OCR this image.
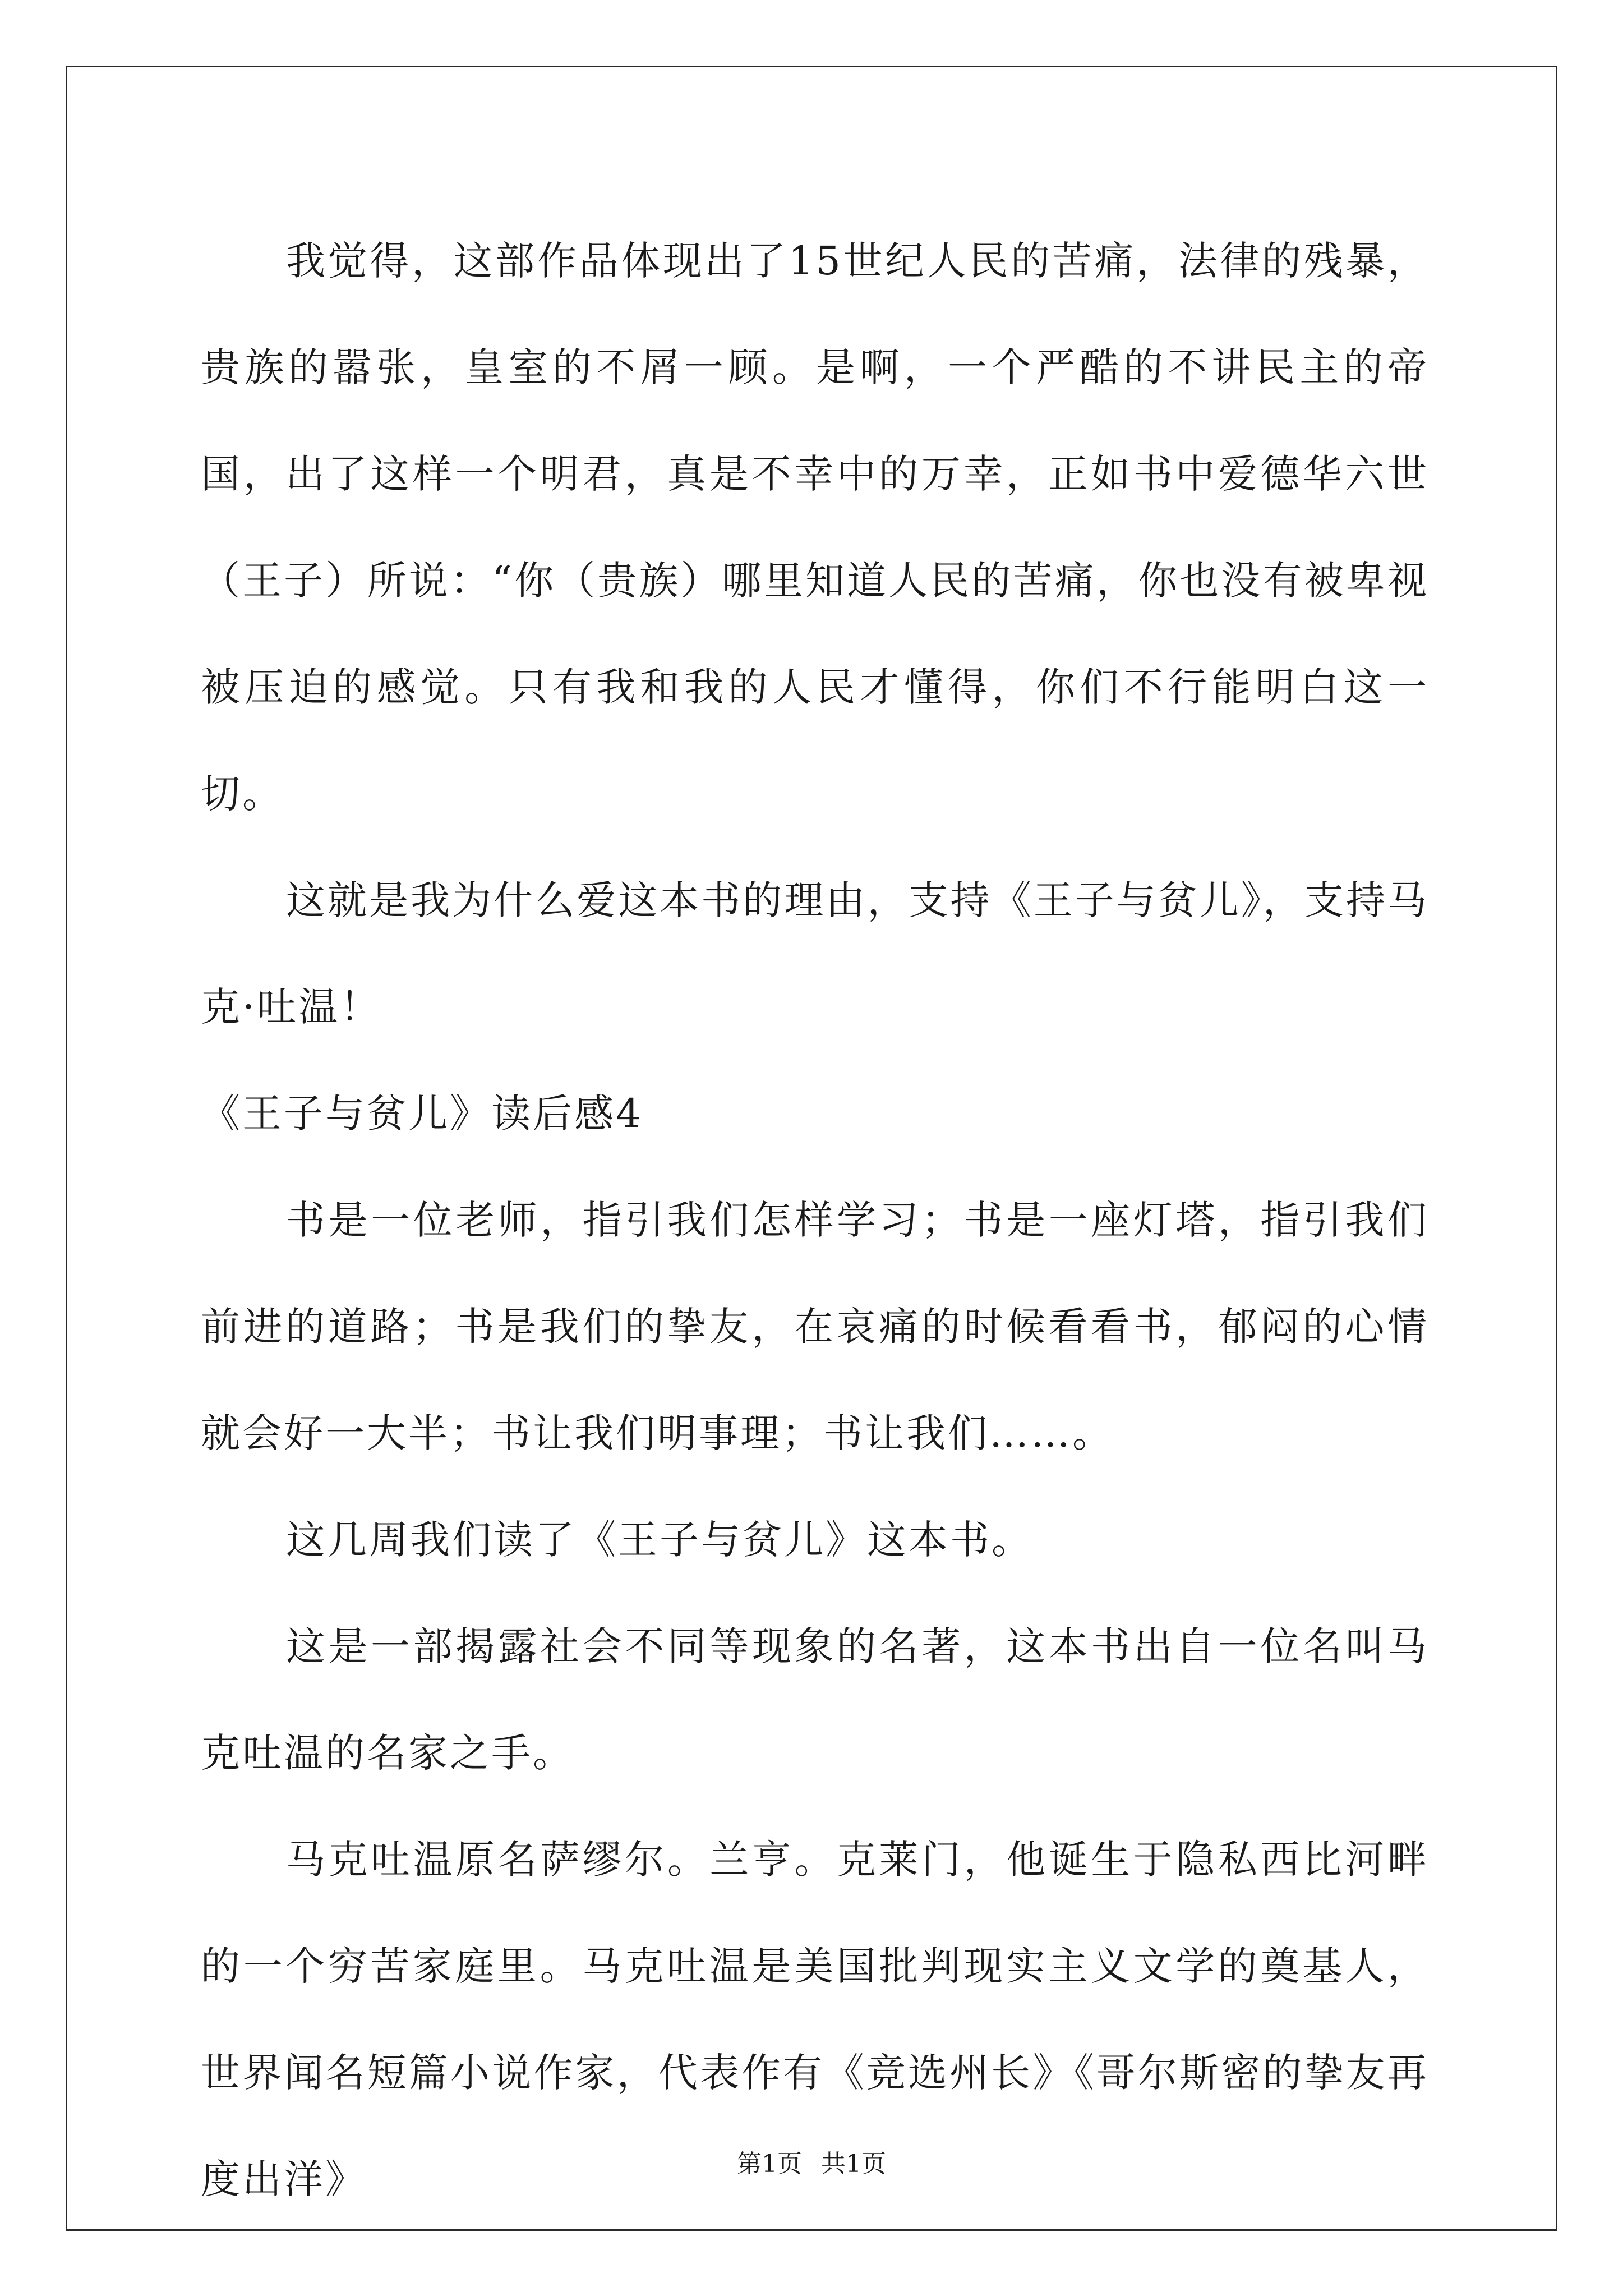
我觉得，这部作品体现出了15世纪人民的苦痛，法律的残暴，贵族的嚣张，皇室的不屑一顾。是啊，一个严酷的不讲民主的帝国，出了这样一个明君，真是不幸中的万幸，正如书中爱德华六世（王子）所说：“你（贵族）哪里知道人民的苦痛，你也没有被卑视被压迫的感觉。只有我和我的人民才懂得，你们不行能明白这一切。

这就是我为什么爱这本书的理由，支持《王子与贫儿》，支持马克·吐温！

《王子与贫儿》读后感4

书是一位老师，指引我们怎样学习；书是一座灯塔，指引我们前进的道路；书是我们的挚友，在哀痛的时候看看书，郁闷的心情就会好一大半；书让我们明事理；书让我们……。

这几周我们读了《王子与贫儿》这本书。

这是一部揭露社会不同等现象的名著，这本书出自一位名叫马克吐温的名家之手。

马克吐温原名萨缪尔。兰亨。克莱门，他诞生于隐私西比河畔的一个穷苦家庭里。马克吐温是美国批判现实主义文学的奠基人，世界闻名短篇小说作家，代表作有《竞选州长》《哥尔斯密的挚友再度出洋》	第1页 共1页
